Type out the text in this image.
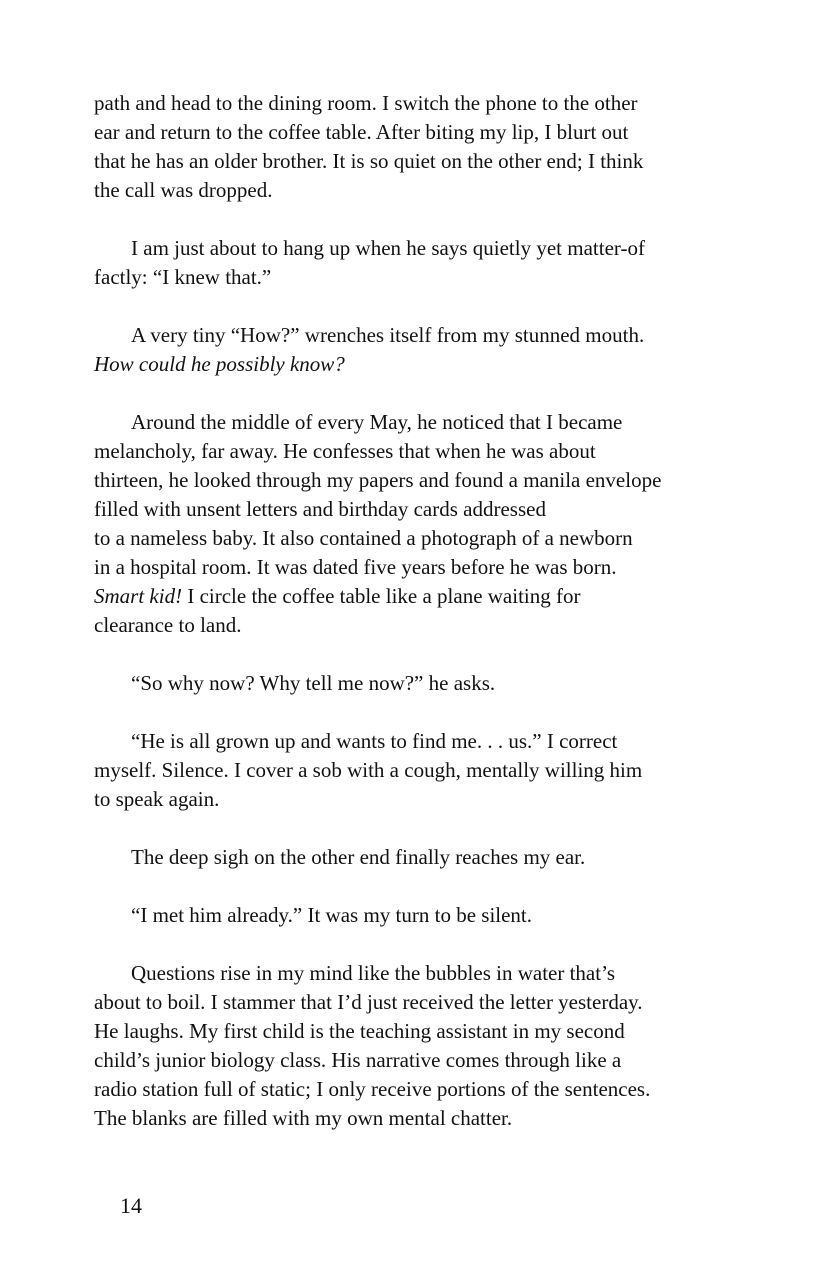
path and head to the dining room. I switch the phone to the other
ear and return to the coffee table. After biting my lip, I blurt out
that he has an older brother. It is so quiet on the other end; I think
the call was dropped.

I am just about to hang up when he says quietly yet matter-of
factly: “I knew that.”

A very tiny “How?” wrenches itself from my stunned mouth.
How could he possibly know?

Around the middle of every May, he noticed that I became
melancholy, far away. He confesses that when he was about
thirteen, he looked through my papers and found a manila envelope
filled with unsent letters and birthday cards addressed
to a nameless baby. It also contained a photograph of a newborn
in a hospital room. It was dated five years before he was born.
Smart kid! I circle the coffee table like a plane waiting for
clearance to land.

“So why now? Why tell me now?” he asks.

“He is all grown up and wants to find me. . . us.” I correct
myself. Silence. I cover a sob with a cough, mentally willing him
to speak again.

The deep sigh on the other end finally reaches my ear.

“I met him already.” It was my turn to be silent.

Questions rise in my mind like the bubbles in water that’s
about to boil. I stammer that I’d just received the letter yesterday.
He laughs. My first child is the teaching assistant in my second
child’s junior biology class. His narrative comes through like a
radio station full of static; I only receive portions of the sentences.
The blanks are filled with my own mental chatter.

14
